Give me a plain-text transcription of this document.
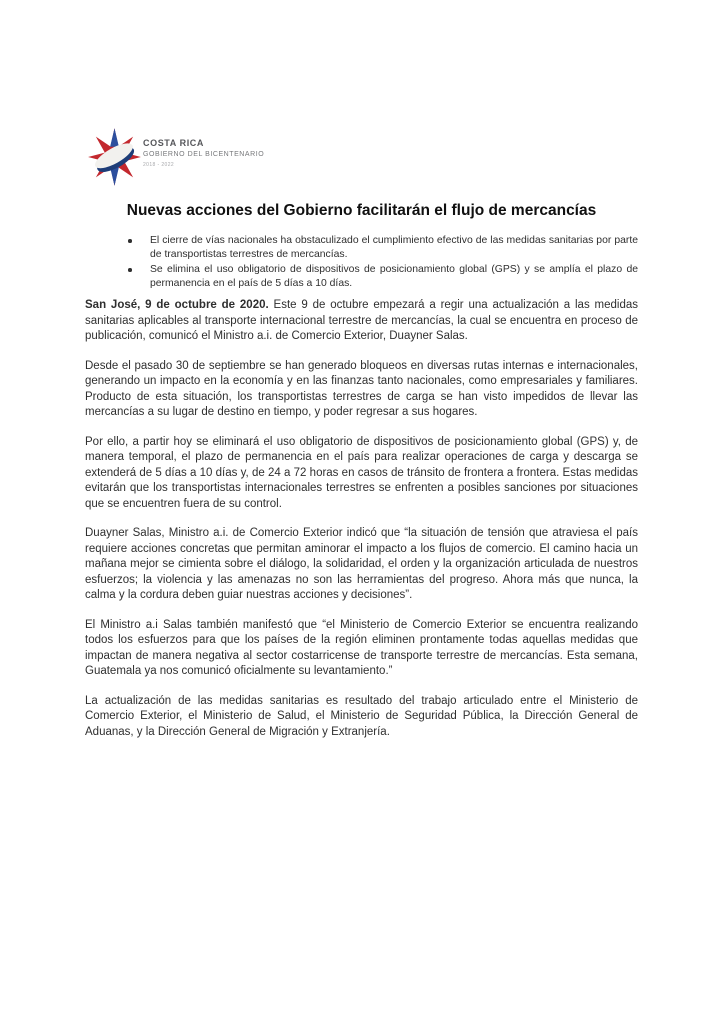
COSTA RICA
GOBIERNO DEL BICENTENARIO
2018 - 2022
Nuevas acciones del Gobierno facilitarán el flujo de mercancías
El cierre de vías nacionales ha obstaculizado el cumplimiento efectivo de las medidas sanitarias por parte de transportistas terrestres de mercancías.
Se elimina el uso obligatorio de dispositivos de posicionamiento global (GPS) y se amplía el plazo de permanencia en el país de 5 días a 10 días.

San José, 9 de octubre de 2020. Este 9 de octubre empezará a regir una actualización a las medidas sanitarias aplicables al transporte internacional terrestre de mercancías, la cual se encuentra en proceso de publicación, comunicó el Ministro a.i. de Comercio Exterior, Duayner Salas.

Desde el pasado 30 de septiembre se han generado bloqueos en diversas rutas internas e internacionales, generando un impacto en la economía y en las finanzas tanto nacionales, como empresariales y familiares. Producto de esta situación, los transportistas terrestres de carga se han visto impedidos de llevar las mercancías a su lugar de destino en tiempo, y poder regresar a sus hogares.

Por ello, a partir hoy se eliminará el uso obligatorio de dispositivos de posicionamiento global (GPS) y, de manera temporal, el plazo de permanencia en el país para realizar operaciones de carga y descarga se extenderá de 5 días a 10 días y, de 24 a 72 horas en casos de tránsito de frontera a frontera. Estas medidas evitarán que los transportistas internacionales terrestres se enfrenten a posibles sanciones por situaciones que se encuentren fuera de su control.

Duayner Salas, Ministro a.i. de Comercio Exterior indicó que “la situación de tensión que atraviesa el país requiere acciones concretas que permitan aminorar el impacto a los flujos de comercio. El camino hacia un mañana mejor se cimienta sobre el diálogo, la solidaridad, el orden y la organización articulada de nuestros esfuerzos; la violencia y las amenazas no son las herramientas del progreso. Ahora más que nunca, la calma y la cordura deben guiar nuestras acciones y decisiones”.

El Ministro a.i Salas también manifestó que “el Ministerio de Comercio Exterior se encuentra realizando todos los esfuerzos para que los países de la región eliminen prontamente todas aquellas medidas que impactan de manera negativa al sector costarricense de transporte terrestre de mercancías. Esta semana, Guatemala ya nos comunicó oficialmente su levantamiento.”

La actualización de las medidas sanitarias es resultado del trabajo articulado entre el Ministerio de Comercio Exterior, el Ministerio de Salud, el Ministerio de Seguridad Pública, la Dirección General de Aduanas, y la Dirección General de Migración y Extranjería.
